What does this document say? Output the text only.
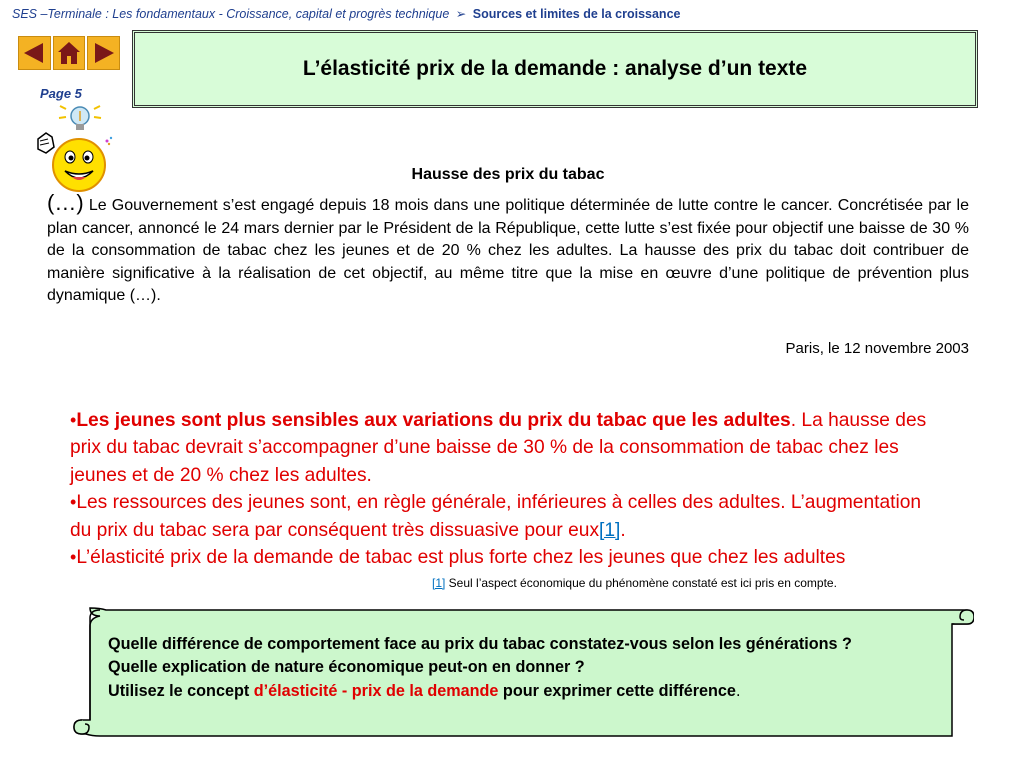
SES –Terminale : Les fondamentaux - Croissance, capital et progrès technique ➢ Sources et limites de la croissance
Page 5
L’élasticité prix de la demande : analyse d’un texte
Hausse des prix du tabac
(…) Le Gouvernement s’est engagé depuis 18 mois dans une politique déterminée de lutte contre le cancer. Concrétisée par le plan cancer, annoncé le 24 mars dernier par le Président de la République, cette lutte s’est fixée pour objectif une baisse de 30 % de la consommation de tabac chez les jeunes et de 20 % chez les adultes. La hausse des prix du tabac doit contribuer de manière significative à la réalisation de cet objectif, au même titre que la mise en œuvre d’une politique de prévention plus dynamique (…).
Paris, le 12 novembre 2003
•Les jeunes sont plus sensibles aux variations du prix du tabac que les adultes. La hausse des prix du tabac devrait s’accompagner d’une baisse de 30 % de la consommation de tabac chez les jeunes et de 20 % chez les adultes.
•Les ressources des jeunes sont, en règle générale, inférieures à celles des adultes. L’augmentation du prix du tabac sera par conséquent très dissuasive pour eux[1].
•L’élasticité prix de la demande de tabac est plus forte chez les jeunes que chez les adultes
[1] Seul l’aspect économique du phénomène constaté est ici pris en compte.
Quelle différence de comportement face au prix du tabac constatez-vous selon les générations ?
Quelle explication de nature économique peut-on en donner ?
Utilisez le concept d’élasticité - prix de la demande pour exprimer cette différence.
